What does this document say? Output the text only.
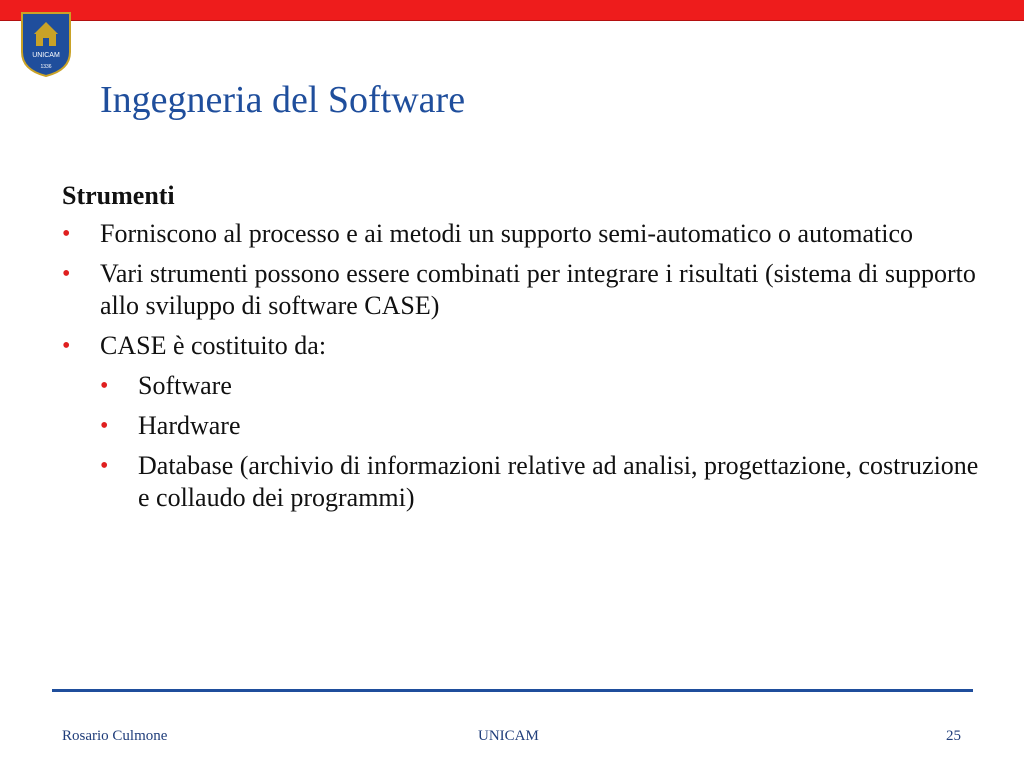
UNICAM
1336
Ingegneria del Software
Strumenti
• Forniscono al processo e ai metodi un supporto semi-automatico o automatico
• Vari strumenti possono essere combinati per integrare i risultati (sistema di supporto allo sviluppo di software CASE)
• CASE è costituito da:
• Software
• Hardware
• Database (archivio di informazioni relative ad analisi, progettazione, costruzione e collaudo dei programmi)
Rosario Culmone	UNICAM	25
